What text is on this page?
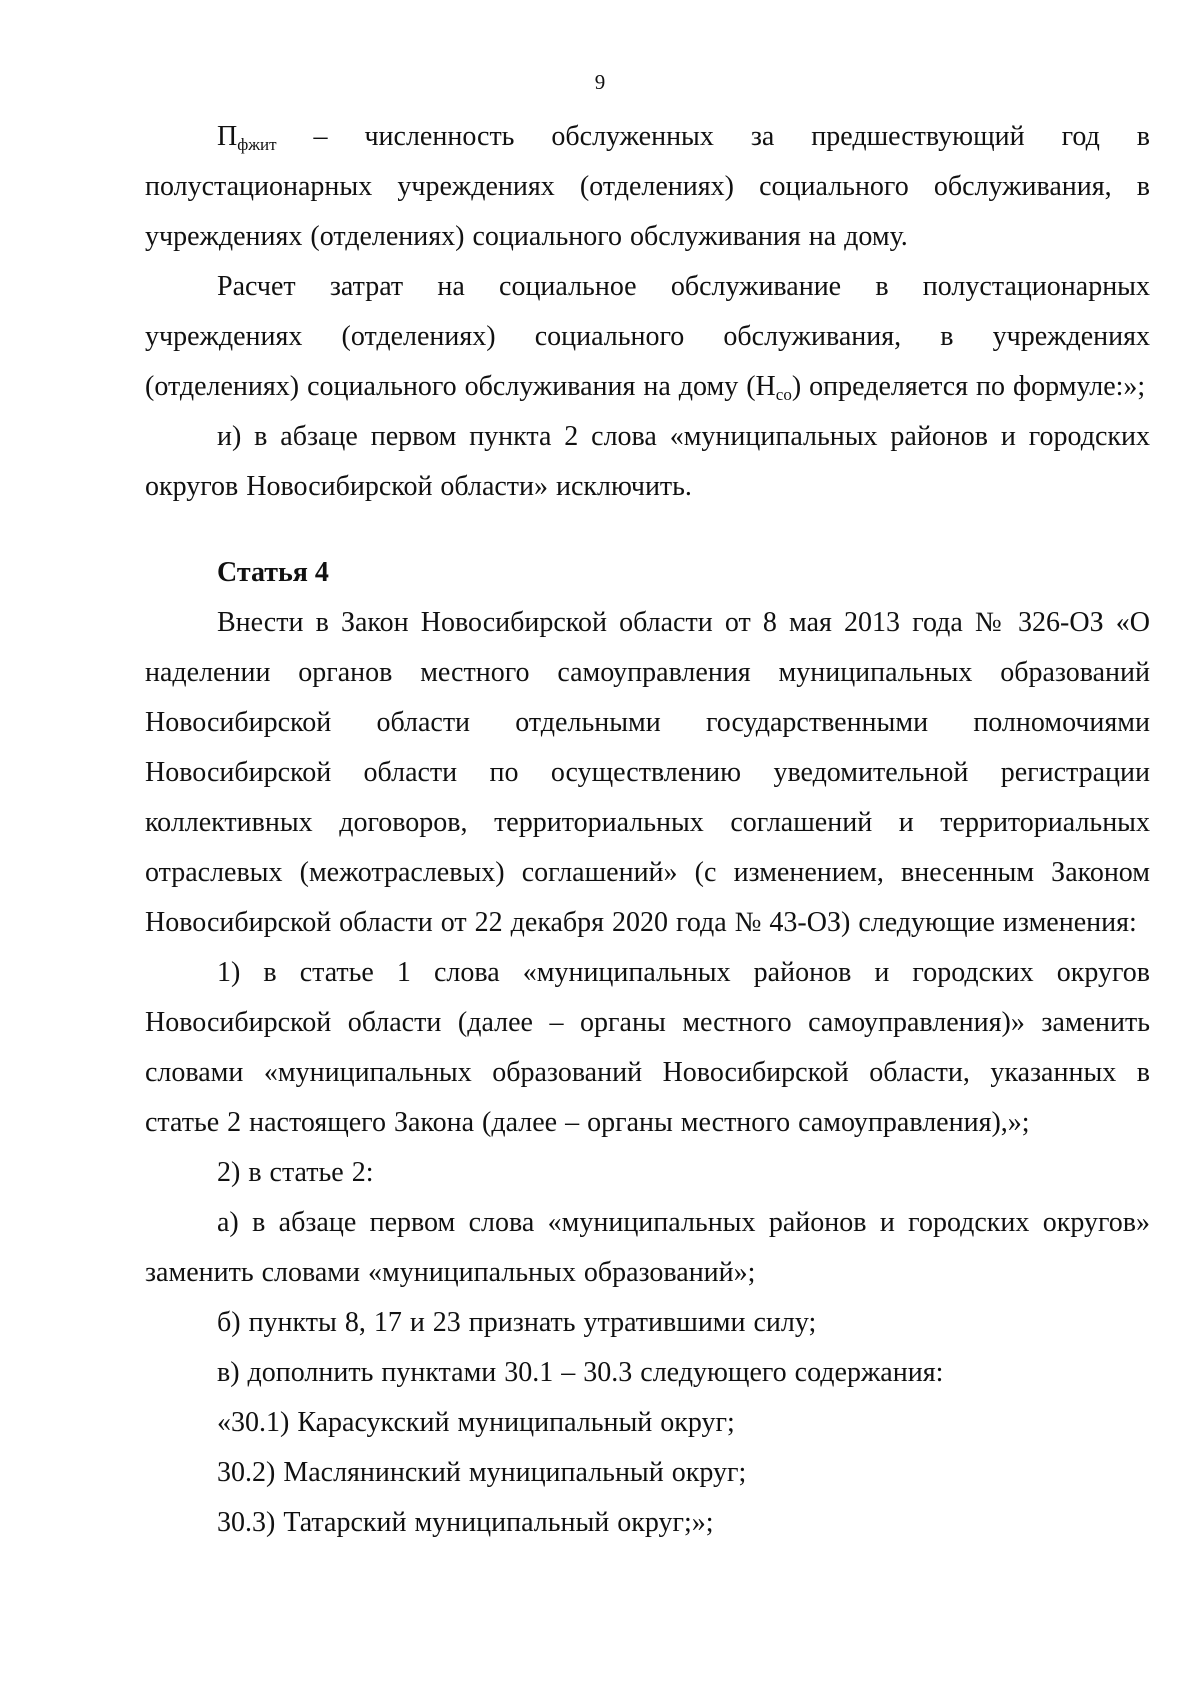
9

$П_{фжит}$ – численность обслуженных за предшествующий год в полустационарных учреждениях (отделениях) социального обслуживания, в учреждениях (отделениях) социального обслуживания на дому.

Расчет затрат на социальное обслуживание в полустационарных учреждениях (отделениях) социального обслуживания, в учреждениях (отделениях) социального обслуживания на дому $(Н_{со})$ определяется по формуле:»;

и) в абзаце первом пункта 2 слова «муниципальных районов и городских округов Новосибирской области» исключить.

Статья 4

Внести в Закон Новосибирской области от 8 мая 2013 года № 326-ОЗ «О наделении органов местного самоуправления муниципальных образований Новосибирской области отдельными государственными полномочиями Новосибирской области по осуществлению уведомительной регистрации коллективных договоров, территориальных соглашений и территориальных отраслевых (межотраслевых) соглашений» (с изменением, внесенным Законом Новосибирской области от 22 декабря 2020 года № 43-ОЗ) следующие изменения:

1) в статье 1 слова «муниципальных районов и городских округов Новосибирской области (далее – органы местного самоуправления)» заменить словами «муниципальных образований Новосибирской области, указанных в статье 2 настоящего Закона (далее – органы местного самоуправления),»;

2) в статье 2:

а) в абзаце первом слова «муниципальных районов и городских округов» заменить словами «муниципальных образований»;

б) пункты 8, 17 и 23 признать утратившими силу;

в) дополнить пунктами 30.1 – 30.3 следующего содержания:

«30.1) Карасукский муниципальный округ;

30.2) Маслянинский муниципальный округ;

30.3) Татарский муниципальный округ;»;
